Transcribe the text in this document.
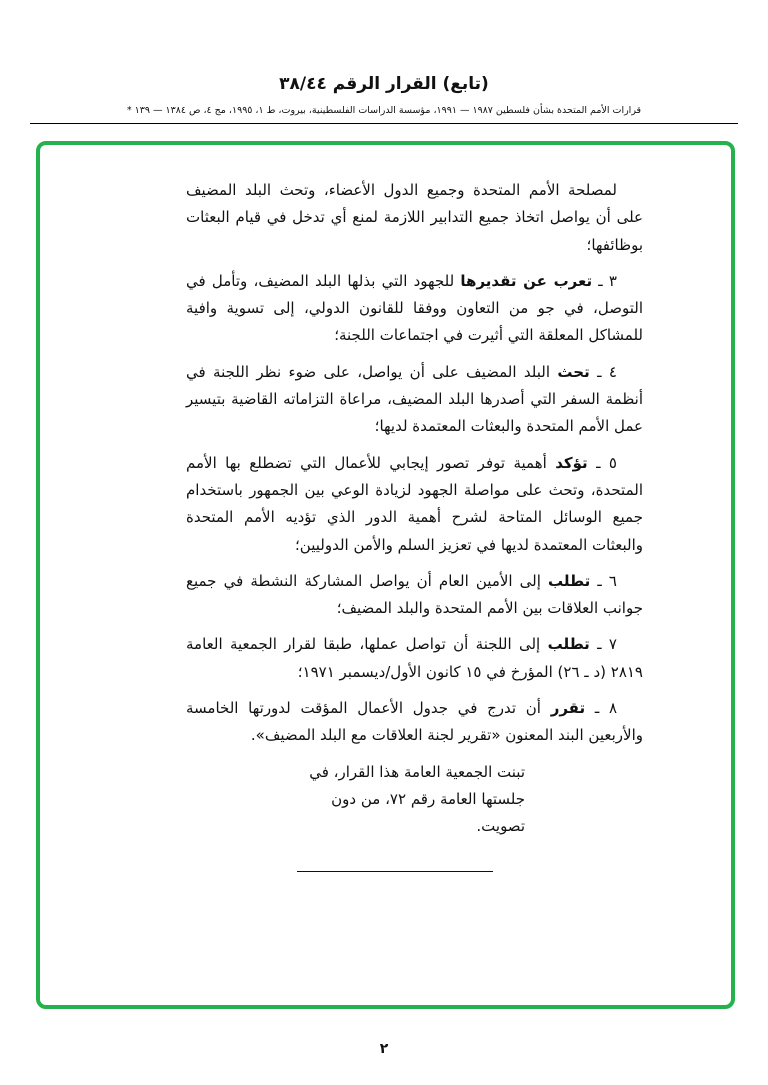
(تابع) القرار الرقم ٣٨/٤٤
قرارات الأمم المتحدة بشأن فلسطين ١٩٨٧ — ١٩٩١، مؤسسة الدراسات الفلسطينية، بيروت، ط ١، ١٩٩٥، مج ٤، ص ١٣٨٤ — ١٣٩ *

لمصلحة الأمم المتحدة وجميع الدول الأعضاء، وتحث البلد المضيف على أن يواصل اتخاذ جميع التدابير اللازمة لمنع أي تدخل في قيام البعثات بوظائفها؛

٣ ـ تعرب عن تقديرها للجهود التي بذلها البلد المضيف، وتأمل في التوصل، في جو من التعاون ووفقا للقانون الدولي، إلى تسوية وافية للمشاكل المعلقة التي أثيرت في اجتماعات اللجنة؛

٤ ـ تحث البلد المضيف على أن يواصل، على ضوء نظر اللجنة في أنظمة السفر التي أصدرها البلد المضيف، مراعاة التزاماته القاضية بتيسير عمل الأمم المتحدة والبعثات المعتمدة لديها؛

٥ ـ تؤكد أهمية توفر تصور إيجابي للأعمال التي تضطلع بها الأمم المتحدة، وتحث على مواصلة الجهود لزيادة الوعي بين الجمهور باستخدام جميع الوسائل المتاحة لشرح أهمية الدور الذي تؤديه الأمم المتحدة والبعثات المعتمدة لديها في تعزيز السلم والأمن الدوليين؛

٦ ـ تطلب إلى الأمين العام أن يواصل المشاركة النشطة في جميع جوانب العلاقات بين الأمم المتحدة والبلد المضيف؛

٧ ـ تطلب إلى اللجنة أن تواصل عملها، طبقا لقرار الجمعية العامة ٢٨١٩ (د ـ ٢٦) المؤرخ في ١٥ كانون الأول/ديسمبر ١٩٧١؛

٨ ـ تقرر أن تدرج في جدول الأعمال المؤقت لدورتها الخامسة والأربعين البند المعنون «تقرير لجنة العلاقات مع البلد المضيف».

تبنت الجمعية العامة هذا القرار، في جلستها العامة رقم ٧٢، من دون تصويت.

٢
